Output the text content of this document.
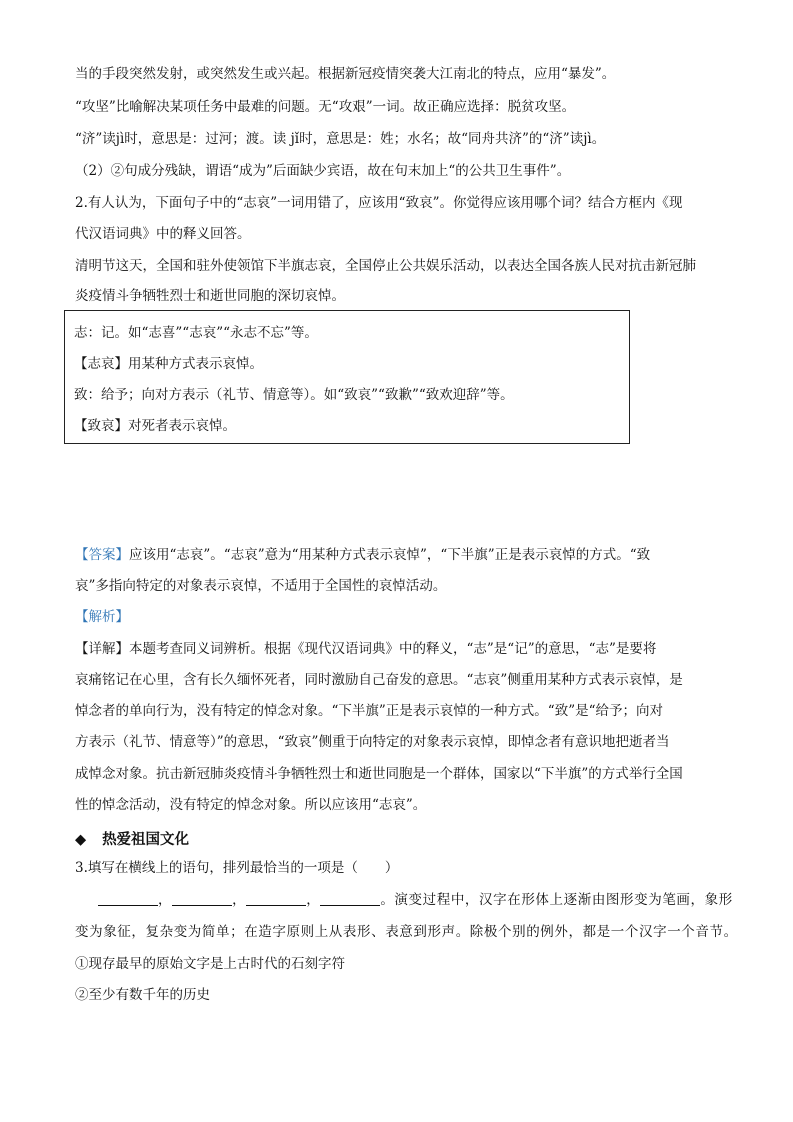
当的手段突然发射，或突然发生或兴起。根据新冠疫情突袭大江南北的特点，应用“暴发”。
“攻坚”比喻解决某项任务中最难的问题。无“攻艰”一词。故正确应选择：脱贫攻坚。
“济”读jì时，意思是：过河；渡。读 jǐ时，意思是：姓；水名；故“同舟共济”的“济”读jì。
（2）②句成分残缺，谓语“成为”后面缺少宾语，故在句末加上“的公共卫生事件”。
2.有人认为，下面句子中的“志哀”一词用错了，应该用“致哀”。你觉得应该用哪个词？结合方框内《现
代汉语词典》中的释义回答。
清明节这天，全国和驻外使领馆下半旗志哀，全国停止公共娱乐活动，以表达全国各族人民对抗击新冠肺
炎疫情斗争牺牲烈士和逝世同胞的深切哀悼。
志：记。如“志喜”“志哀”“永志不忘”等。
【志哀】用某种方式表示哀悼。
致：给予；向对方表示（礼节、情意等）。如“致哀”“致歉”“致欢迎辞”等。
【致哀】对死者表示哀悼。
【答案】应该用“志哀”。“志哀”意为“用某种方式表示哀悼”，“下半旗”正是表示哀悼的方式。“致
哀”多指向特定的对象表示哀悼，不适用于全国性的哀悼活动。
【解析】
【详解】本题考查同义词辨析。根据《现代汉语词典》中的释义，“志”是“记”的意思，“志”是要将
哀痛铭记在心里，含有长久缅怀死者，同时激励自己奋发的意思。“志哀”侧重用某种方式表示哀悼，是
悼念者的单向行为，没有特定的悼念对象。“下半旗”正是表示哀悼的一种方式。“致”是“给予；向对
方表示（礼节、情意等）”的意思，“致哀”侧重于向特定的对象表示哀悼，即悼念者有意识地把逝者当
成悼念对象。抗击新冠肺炎疫情斗争牺牲烈士和逝世同胞是一个群体，国家以“下半旗”的方式举行全国
性的悼念活动，没有特定的悼念对象。所以应该用“志哀”。
◆ 热爱祖国文化
3.填写在横线上的语句，排列最恰当的一项是（　　）
，	，	，	。演变过程中，汉字在形体上逐渐由图形变为笔画，象形
变为象征，复杂变为简单；在造字原则上从表形、表意到形声。除极个别的例外，都是一个汉字一个音节。
①现存最早的原始文字是上古时代的石刻字符
②至少有数千年的历史
